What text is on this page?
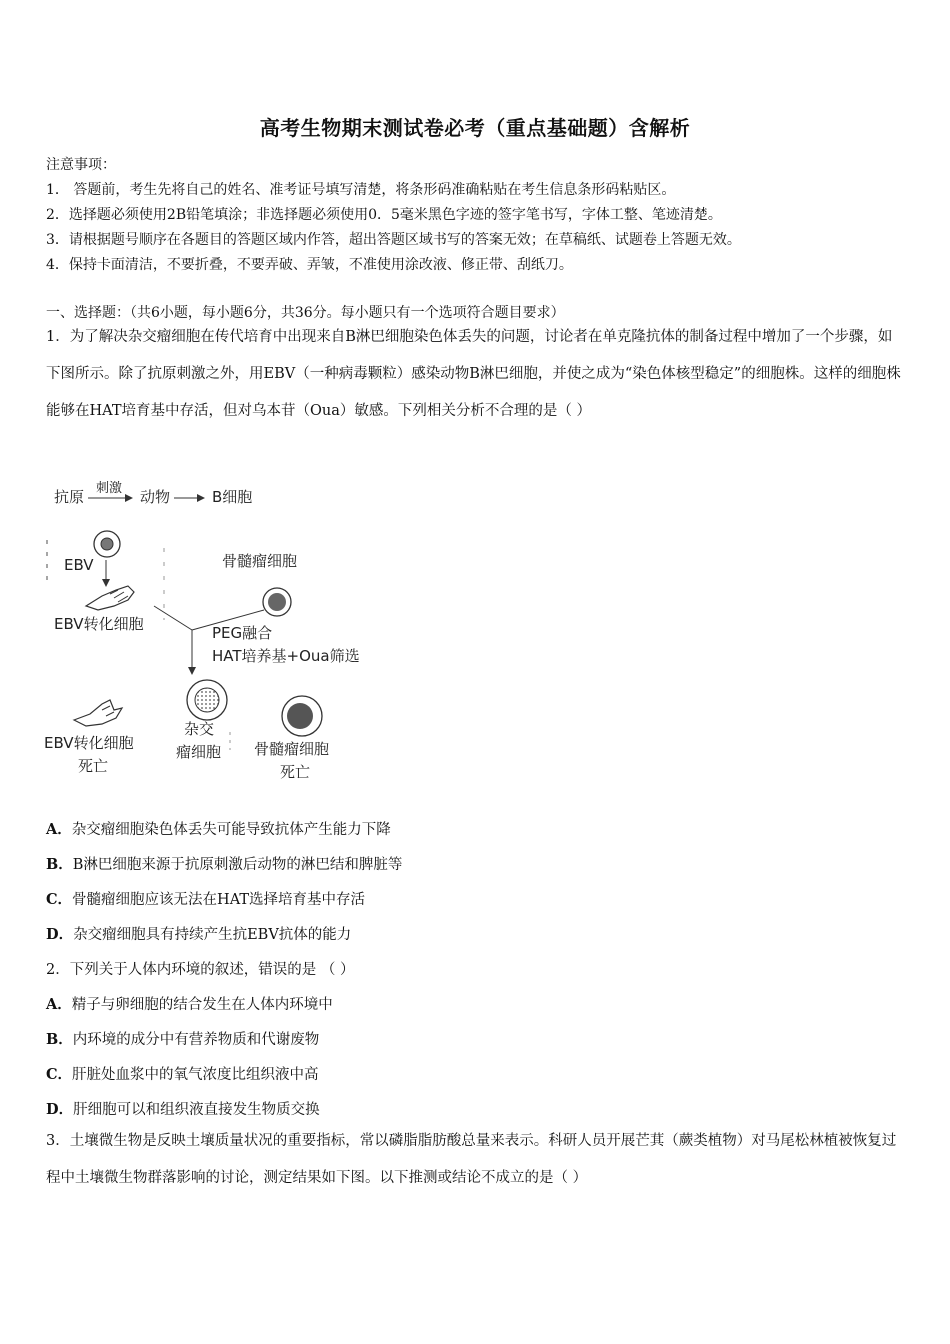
高考生物期末测试卷必考（重点基础题）含解析
注意事项：
1． 答题前，考生先将自己的姓名、准考证号填写清楚，将条形码准确粘贴在考生信息条形码粘贴区。
2．选择题必须使用2B铅笔填涂；非选择题必须使用0．5毫米黑色字迹的签字笔书写，字体工整、笔迹清楚。
3．请根据题号顺序在各题目的答题区域内作答，超出答题区域书写的答案无效；在草稿纸、试题卷上答题无效。
4．保持卡面清洁，不要折叠，不要弄破、弄皱，不准使用涂改液、修正带、刮纸刀。
一、选择题：（共6小题，每小题6分，共36分。每小题只有一个选项符合题目要求）
1．为了解决杂交瘤细胞在传代培育中出现来自B淋巴细胞染色体丢失的问题，讨论者在单克隆抗体的制备过程中增加了一个步骤，如下图所示。除了抗原刺激之外，用EBV（一种病毒颗粒）感染动物B淋巴细胞，并使之成为“染色体核型稳定”的细胞株。这样的细胞株能够在HAT培育基中存活，但对乌本苷（Oua）敏感。下列相关分析不合理的是（ ）
抗原 刺激 动物	B细胞
EBV
EBV转化细胞
骨髓瘤细胞
PEG融合
HAT培养基+Oua筛选
EBV转化细胞
死亡
杂交
瘤细胞 骨髓瘤细胞
死亡
A．杂交瘤细胞染色体丢失可能导致抗体产生能力下降
B．B淋巴细胞来源于抗原刺激后动物的淋巴结和脾脏等
C．骨髓瘤细胞应该无法在HAT选择培育基中存活
D．杂交瘤细胞具有持续产生抗EBV抗体的能力
2．下列关于人体内环境的叙述，错误的是 （ ）
A．精子与卵细胞的结合发生在人体内环境中
B．内环境的成分中有营养物质和代谢废物
C．肝脏处血浆中的氧气浓度比组织液中高
D．肝细胞可以和组织液直接发生物质交换
3．土壤微生物是反映土壤质量状况的重要指标，常以磷脂脂肪酸总量来表示。科研人员开展芒萁（蕨类植物）对马尾松林植被恢复过程中土壤微生物群落影响的讨论，测定结果如下图。以下推测或结论不成立的是（ ）
